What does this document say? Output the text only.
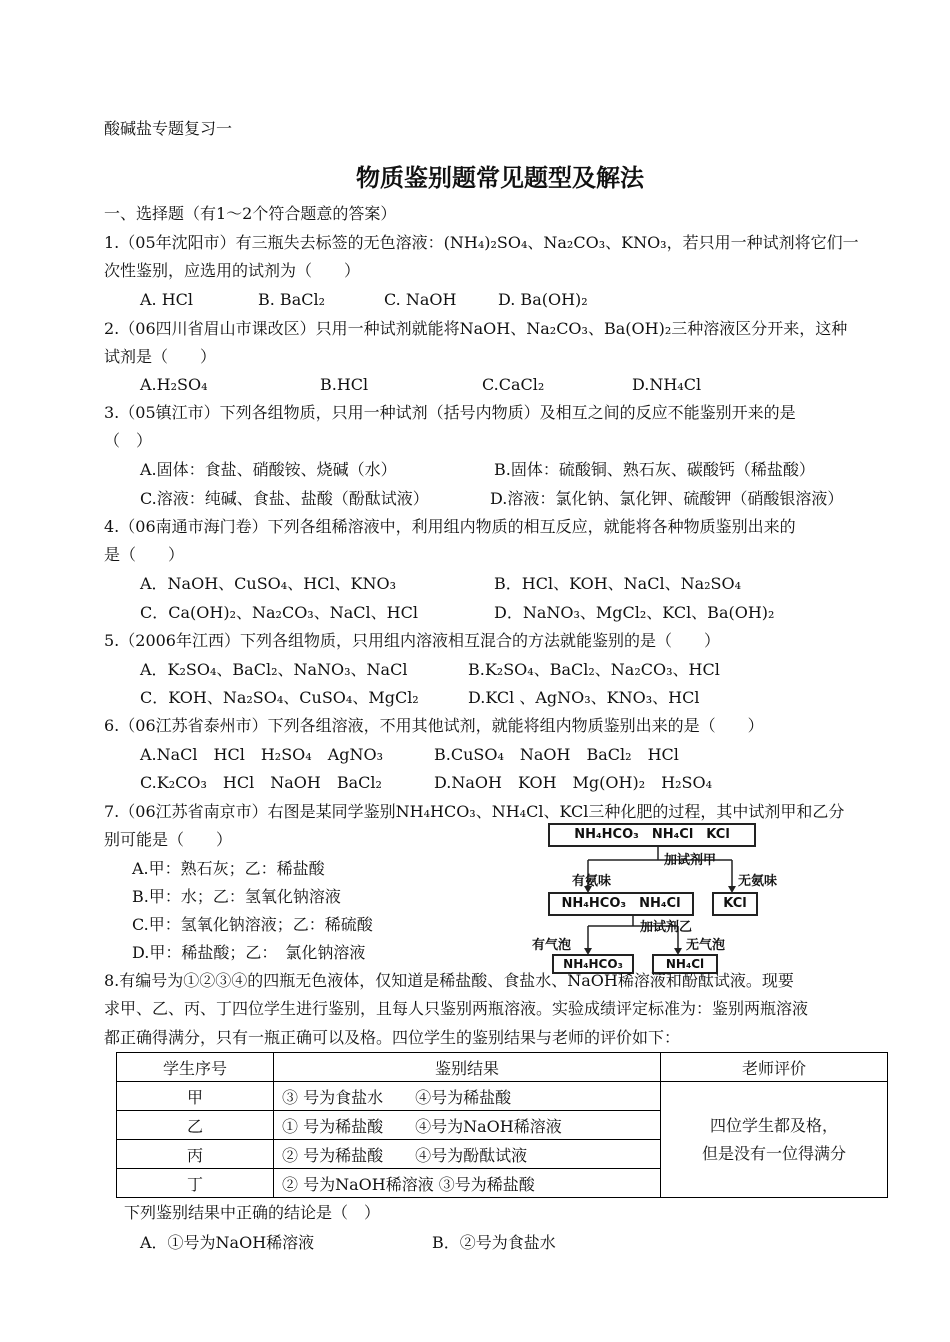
酸碱盐专题复习一
物质鉴别题常见题型及解法
一、选择题（有1～2个符合题意的答案）
1.（05年沈阳市）有三瓶失去标签的无色溶液：(NH₄)₂SO₄、Na₂CO₃、KNO₃，若只用一种试剂将它们一
次性鉴别，应选用的试剂为（　　）
A. HCl	B. BaCl₂	C. NaOH	D. Ba(OH)₂
2.（06四川省眉山市课改区）只用一种试剂就能将NaOH、Na₂CO₃、Ba(OH)₂三种溶液区分开来，这种
试剂是（　　）
A.H₂SO₄	B.HCl	C.CaCl₂	D.NH₄Cl
3.（05镇江市）下列各组物质，只用一种试剂（括号内物质）及相互之间的反应不能鉴别开来的是
（　）
A.固体：食盐、硝酸铵、烧碱（水）	B.固体：硫酸铜、熟石灰、碳酸钙（稀盐酸）
C.溶液：纯碱、食盐、盐酸（酚酞试液）	D.溶液：氯化钠、氯化钾、硫酸钾（硝酸银溶液）
4.（06南通市海门卷）下列各组稀溶液中，利用组内物质的相互反应，就能将各种物质鉴别出来的
是（　　）
A．NaOH、CuSO₄、HCl、KNO₃	B．HCl、KOH、NaCl、Na₂SO₄
C．Ca(OH)₂、Na₂CO₃、NaCl、HCl	D．NaNO₃、MgCl₂、KCl、Ba(OH)₂
5.（2006年江西）下列各组物质，只用组内溶液相互混合的方法就能鉴别的是（　　）
A．K₂SO₄、BaCl₂、NaNO₃、NaCl	B.K₂SO₄、BaCl₂、Na₂CO₃、HCl
C．KOH、Na₂SO₄、CuSO₄、MgCl₂	D.KCl 、AgNO₃、KNO₃、HCl
6.（06江苏省泰州市）下列各组溶液，不用其他试剂，就能将组内物质鉴别出来的是（　　）
A.NaCl　HCl　H₂SO₄　AgNO₃	B.CuSO₄　NaOH　BaCl₂　HCl
C.K₂CO₃　HCl　NaOH　BaCl₂	D.NaOH　KOH　Mg(OH)₂　H₂SO₄
7.（06江苏省南京市）右图是某同学鉴别NH₄HCO₃、NH₄Cl、KCl三种化肥的过程，其中试剂甲和乙分
别可能是（　　）
A.甲：熟石灰；乙：稀盐酸
B.甲：水；乙：氢氧化钠溶液
C.甲：氢氧化钠溶液；乙：稀硫酸
D.甲：稀盐酸；乙：　氯化钠溶液
NH₄HCO₃　NH₄Cl　KCl
加试剂甲
有氨味	无氨味
NH₄HCO₃　NH₄Cl	KCl
加试剂乙
有气泡	无气泡
NH₄HCO₃	NH₄Cl
8.有编号为①②③④的四瓶无色液体，仅知道是稀盐酸、食盐水、NaOH稀溶液和酚酞试液。现要
求甲、乙、丙、丁四位学生进行鉴别，且每人只鉴别两瓶溶液。实验成绩评定标准为：鉴别两瓶溶液
都正确得满分，只有一瓶正确可以及格。四位学生的鉴别结果与老师的评价如下：
学生序号	鉴别结果	老师评价
甲	③ 号为食盐水　　④号为稀盐酸	四位学生都及格，
但是没有一位得满分

乙	① 号为稀盐酸　　④号为NaOH稀溶液	
丙	② 号为稀盐酸　　④号为酚酞试液	
丁	② 号为NaOH稀溶液 ③号为稀盐酸	
下列鉴别结果中正确的结论是（　）
A．①号为NaOH稀溶液	B．②号为食盐水
